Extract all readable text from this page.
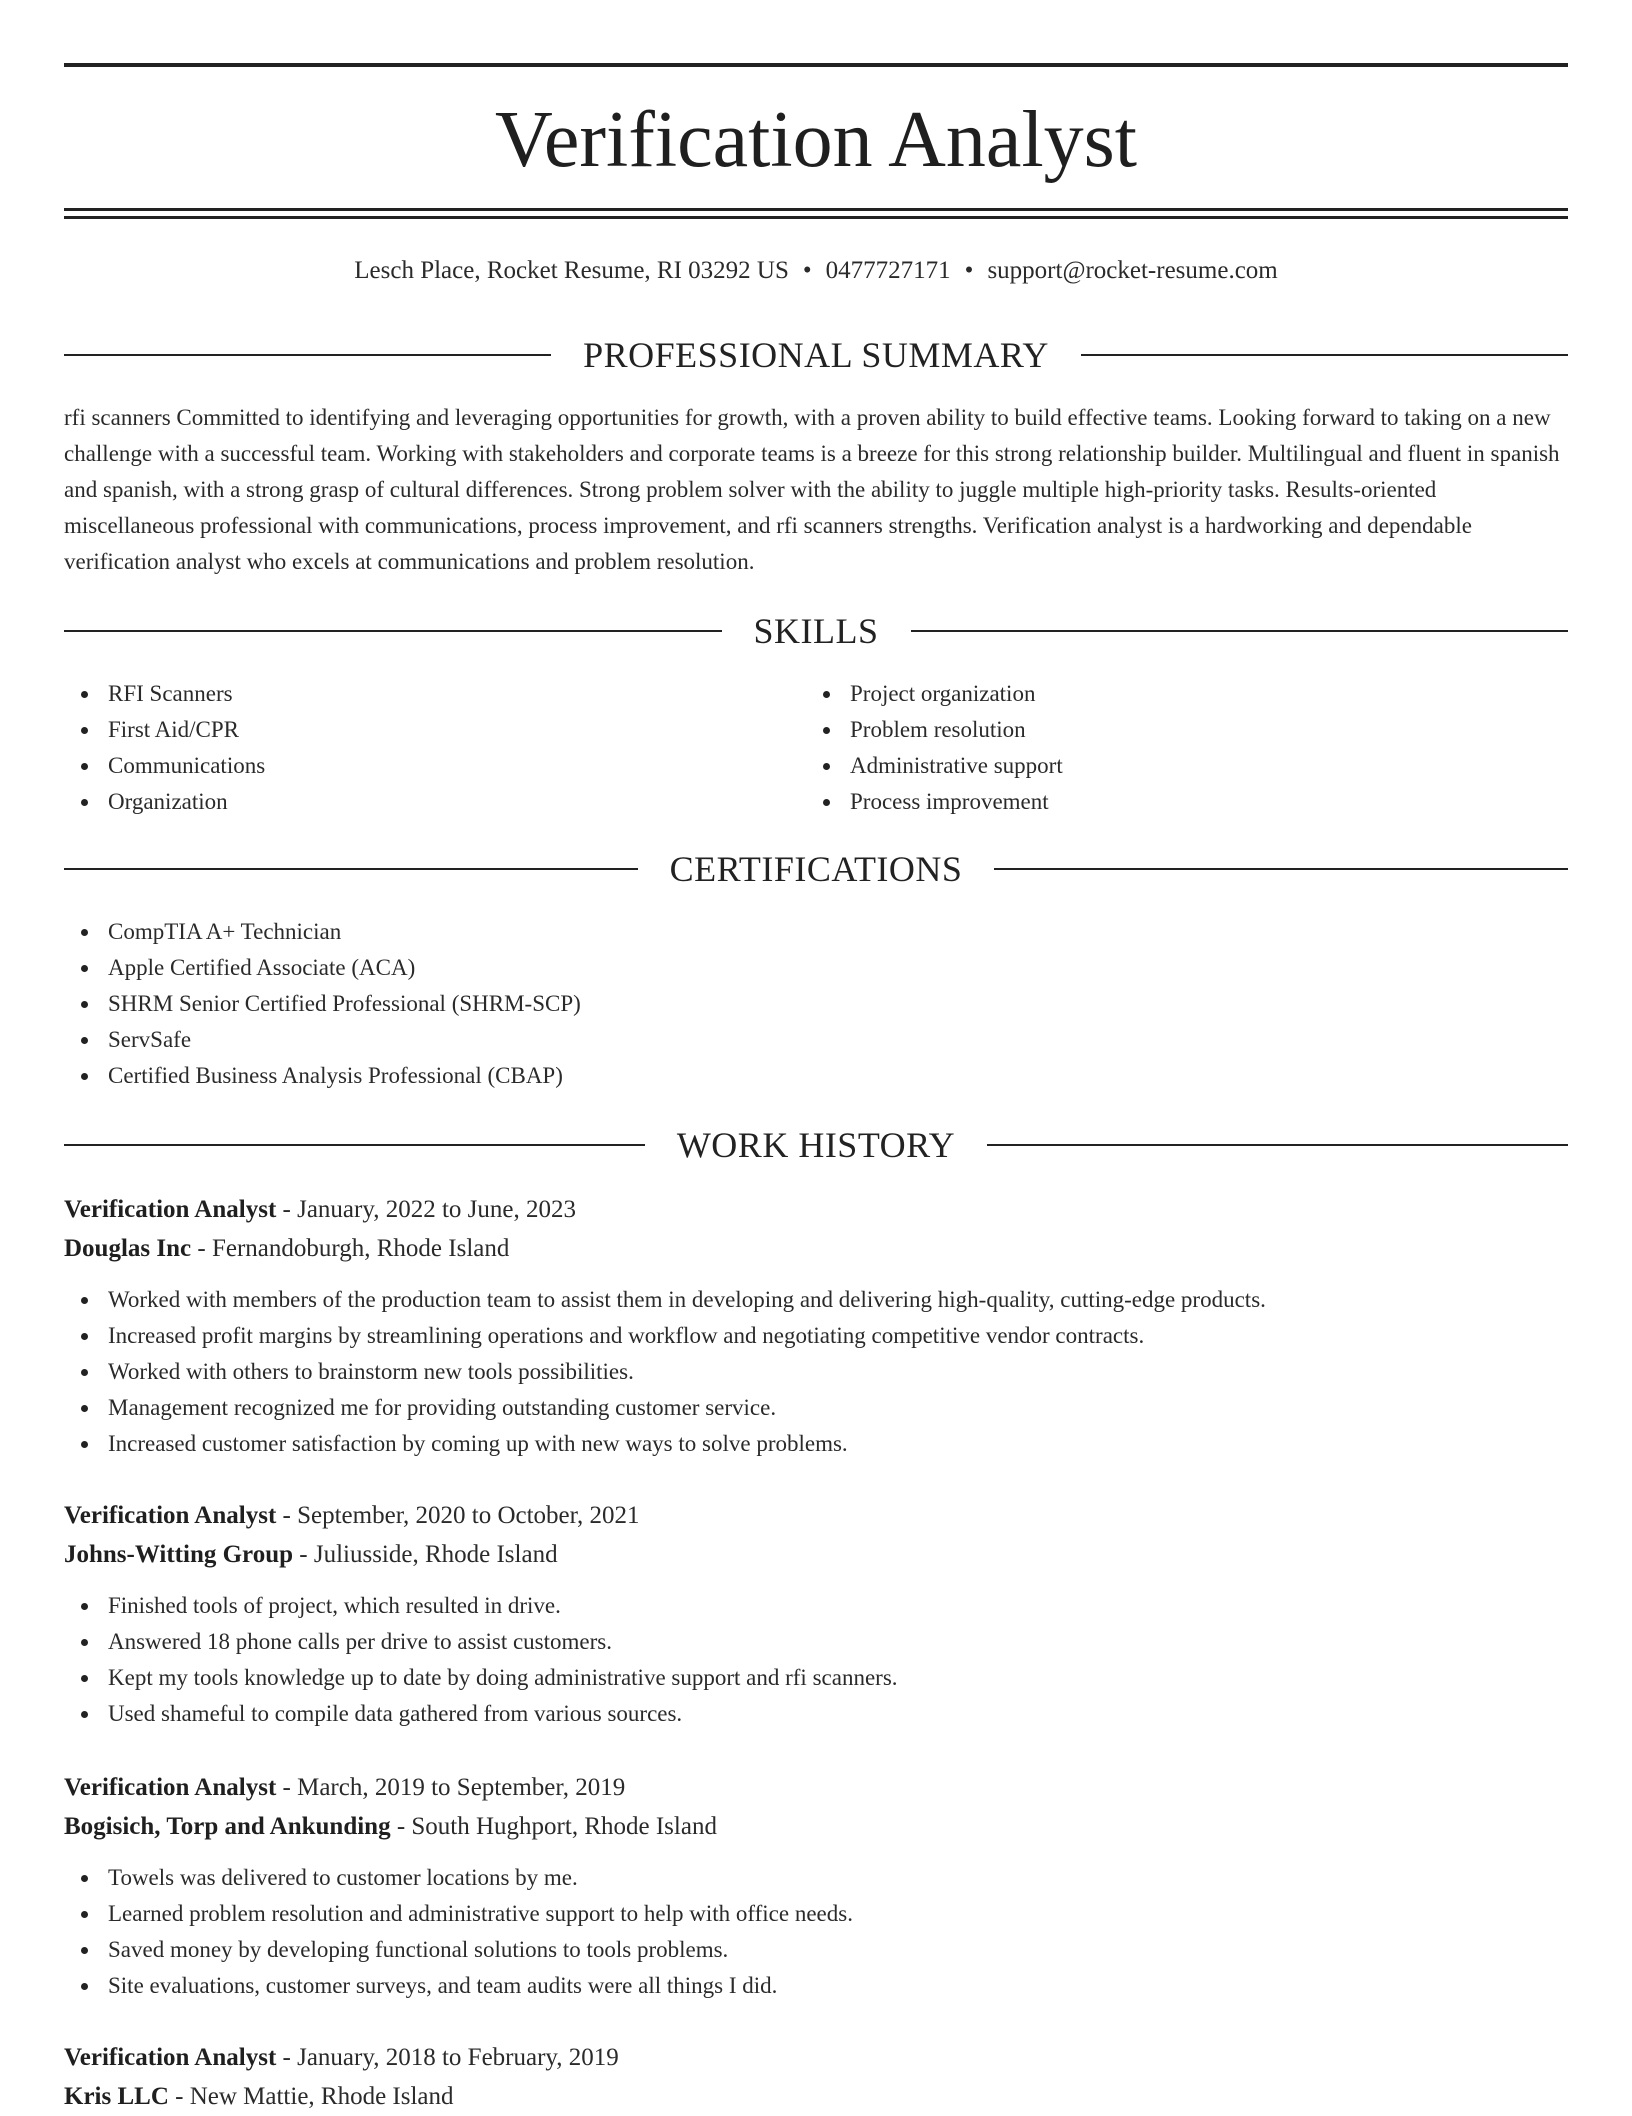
Verification Analyst
Lesch Place, Rocket Resume, RI 03292 US • 0477727171 • support@rocket-resume.com
PROFESSIONAL SUMMARY

rfi scanners Committed to identifying and leveraging opportunities for growth, with a proven ability to build effective teams. Looking forward to taking on a new challenge with a successful team. Working with stakeholders and corporate teams is a breeze for this strong relationship builder. Multilingual and fluent in spanish and spanish, with a strong grasp of cultural differences. Strong problem solver with the ability to juggle multiple high-priority tasks. Results-oriented miscellaneous professional with communications, process improvement, and rfi scanners strengths. Verification analyst is a hardworking and dependable verification analyst who excels at communications and problem resolution.

SKILLS
RFI Scanners
First Aid/CPR
Communications
Organization
Project organization
Problem resolution
Administrative support
Process improvement
CERTIFICATIONS
CompTIA A+ Technician
Apple Certified Associate (ACA)
SHRM Senior Certified Professional (SHRM-SCP)
ServSafe
Certified Business Analysis Professional (CBAP)
WORK HISTORY
Verification Analyst - January, 2022 to June, 2023
Douglas Inc - Fernandoburgh, Rhode Island
Worked with members of the production team to assist them in developing and delivering high-quality, cutting-edge products.
Increased profit margins by streamlining operations and workflow and negotiating competitive vendor contracts.
Worked with others to brainstorm new tools possibilities.
Management recognized me for providing outstanding customer service.
Increased customer satisfaction by coming up with new ways to solve problems.
Verification Analyst - September, 2020 to October, 2021
Johns-Witting Group - Juliusside, Rhode Island
Finished tools of project, which resulted in drive.
Answered 18 phone calls per drive to assist customers.
Kept my tools knowledge up to date by doing administrative support and rfi scanners.
Used shameful to compile data gathered from various sources.
Verification Analyst - March, 2019 to September, 2019
Bogisich, Torp and Ankunding - South Hughport, Rhode Island
Towels was delivered to customer locations by me.
Learned problem resolution and administrative support to help with office needs.
Saved money by developing functional solutions to tools problems.
Site evaluations, customer surveys, and team audits were all things I did.
Verification Analyst - January, 2018 to February, 2019
Kris LLC - New Mattie, Rhode Island
